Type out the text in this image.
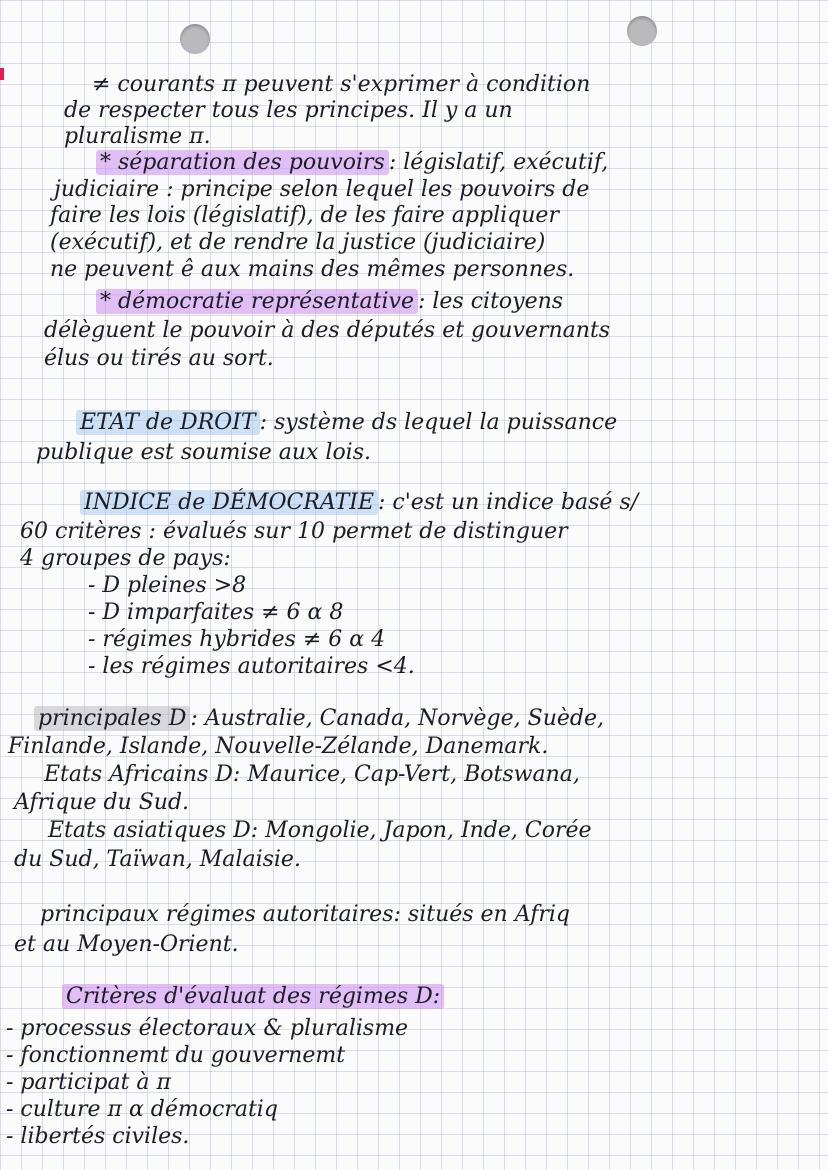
≠ courants π peuvent s'exprimer à condition
de respecter tous les principes. Il y a un
pluralisme π.
* séparation des pouvoirs : législatif, exécutif,
judiciaire : principe selon lequel les pouvoirs de
faire les lois (législatif), de les faire appliquer
(exécutif), et de rendre la justice (judiciaire)
ne peuvent ê aux mains des mêmes personnes.
* démocratie représentative : les citoyens
délèguent le pouvoir à des députés et gouvernants
élus ou tirés au sort.
ETAT de DROIT : système ds lequel la puissance
publique est soumise aux lois.
INDICE de DÉMOCRATIE : c'est un indice basé s/
60 critères : évalués sur 10 permet de distinguer
4 groupes de pays:
- D pleines >8
- D imparfaites ≠ 6 α 8
- régimes hybrides ≠ 6 α 4
- les régimes autoritaires <4.
principales D : Australie, Canada, Norvège, Suède,
Finlande, Islande, Nouvelle-Zélande, Danemark.
Etats Africains D: Maurice, Cap-Vert, Botswana,
Afrique du Sud.
Etats asiatiques D: Mongolie, Japon, Inde, Corée
du Sud, Taïwan, Malaisie.
principaux régimes autoritaires: situés en Afriq
et au Moyen-Orient.
Critères d'évaluat des régimes D:
- processus électoraux & pluralisme
- fonctionnemt du gouvernemt
- participat à π
- culture π α démocratiq
- libertés civiles.
